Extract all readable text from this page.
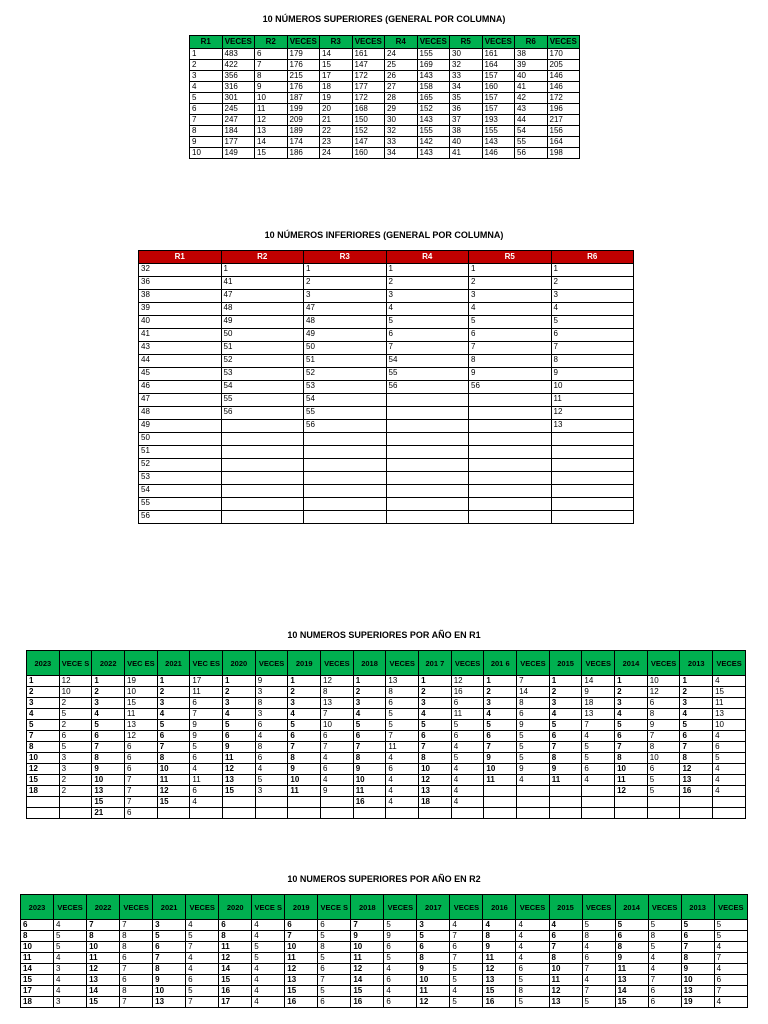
10 NÚMEROS SUPERIORES (GENERAL POR COLUMNA)
R1	VECES	R2	VECES	R3	VECES	R4	VECES	R5	VECES	R6	VECES
1	483	6	179	14	161	24	155	30	161	38	170
2	422	7	176	15	147	25	169	32	164	39	205
3	356	8	215	17	172	26	143	33	157	40	146
4	316	9	176	18	177	27	158	34	160	41	146
5	301	10	187	19	172	28	165	35	157	42	172
6	245	11	199	20	168	29	152	36	157	43	196
7	247	12	209	21	150	30	143	37	193	44	217
8	184	13	189	22	152	32	155	38	155	54	156
9	177	14	174	23	147	33	142	40	143	55	164
10	149	15	186	24	160	34	143	41	146	56	198
10 NÚMEROS INFERIORES (GENERAL POR COLUMNA)
R1	R2	R3	R4	R5	R6
32	1	1	1	1	1
36	41	2	2	2	2
38	47	3	3	3	3
39	48	47	4	4	4
40	49	48	5	5	5
41	50	49	6	6	6
43	51	50	7	7	7
44	52	51	54	8	8
45	53	52	55	9	9
46	54	53	56	56	10
47	55	54			11
48	56	55			12
49		56			13
50					
51					
52					
53					
54					
55					
56					
10 NUMEROS SUPERIORES POR AÑO EN R1
2023	VECE S	2022	VEC ES	2021	VEC ES	2020	VECES	2019	VECES	2018	VECES	201 7	VECES	201 6	VECES	2015	VECES	2014	VECES	2013	VECES
1	12	1	19	1	17	1	9	1	12	1	13	1	12	1	7	1	14	1	10	1	4
2	10	2	10	2	11	2	3	2	8	2	8	2	16	2	14	2	9	2	12	2	15
3	2	3	15	3	6	3	8	3	13	3	6	3	6	3	8	3	18	3	6	3	11
4	5	4	11	4	7	4	3	4	7	4	5	4	11	4	6	4	13	4	8	4	13
5	2	5	13	5	9	5	6	5	10	5	5	5	5	5	9	5	7	5	9	5	10
7	6	6	12	6	9	6	4	6	6	6	7	6	6	6	5	6	4	6	7	6	4
8	5	7	6	7	5	9	8	7	7	7	11	7	4	7	5	7	5	7	8	7	6
10	3	8	6	8	6	11	6	8	4	8	4	8	5	9	5	8	5	8	10	8	5
12	3	9	6	10	4	12	4	9	6	9	6	10	4	10	9	9	6	10	6	12	4
15	2	10	7	11	11	13	5	10	4	10	4	12	4	11	4	11	4	11	5	13	4
18	2	13	7	12	6	15	3	11	9	11	4	13	4					12	5	16	4
		15	7	15	4					16	4	18	4								
		21	6																		
10 NUMEROS SUPERIORES POR AÑO EN R2
2023	VECES	2022	VECES	2021	VECES	2020	VECE S	2019	VECE S	2018	VECES	2017	VECES	2016	VECES	2015	VECES	2014	VECES	2013	VECES
6	4	7	7	3	4	6	4	6	6	7	5	3	4	4	4	4	5	5	5	5	5
8	5	8	8	5	5	8	4	7	5	9	9	5	7	8	4	6	8	6	8	6	5
10	5	10	8	6	7	11	5	10	8	10	6	6	6	9	4	7	4	8	5	7	4
11	4	11	6	7	4	12	5	11	5	11	5	8	7	11	4	8	6	9	4	8	7
14	3	12	7	8	4	14	4	12	6	12	4	9	5	12	6	10	7	11	4	9	4
15	4	13	6	9	6	15	4	13	7	14	6	10	5	13	5	11	4	13	7	10	6
17	4	14	8	10	5	16	4	15	5	15	4	11	4	15	8	12	7	14	6	13	7
18	3	15	7	13	7	17	4	16	6	16	6	12	5	16	5	13	5	15	6	19	4
